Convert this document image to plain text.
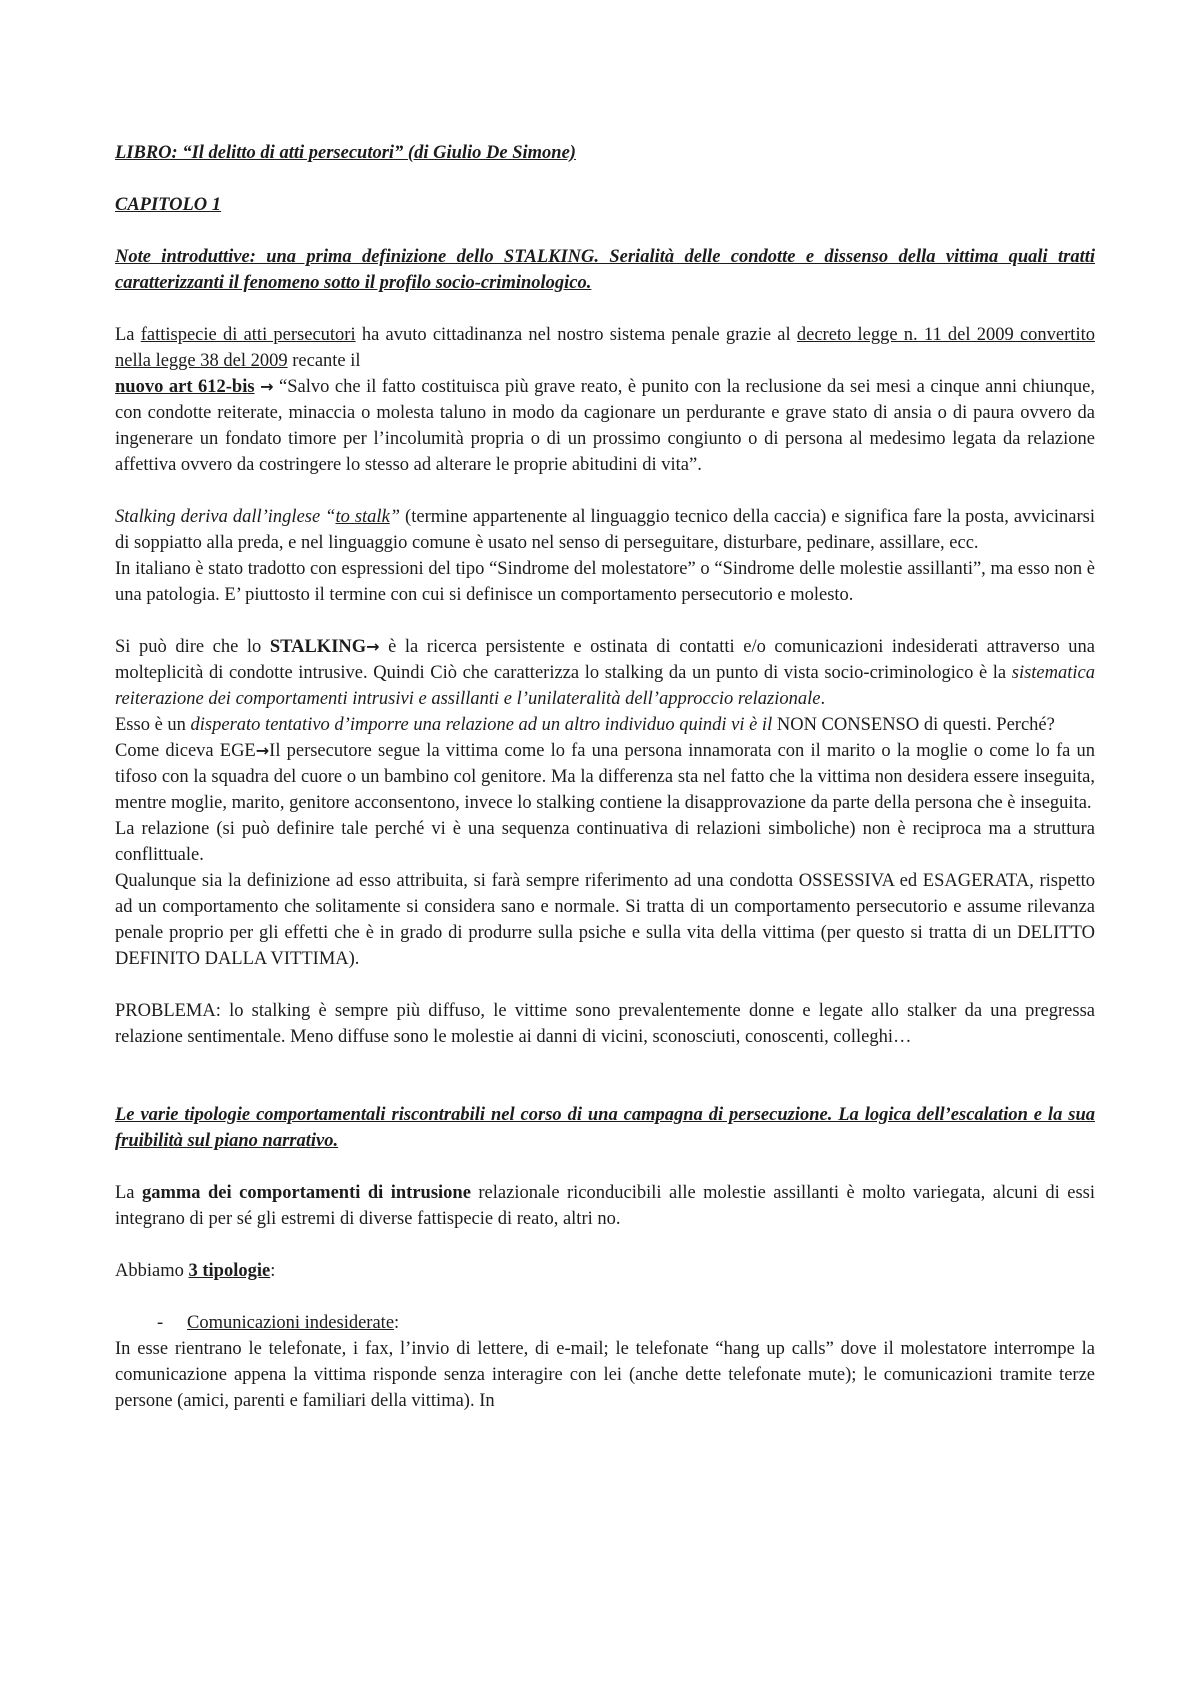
LIBRO: “Il delitto di atti persecutori” (di Giulio De Simone)

CAPITOLO 1

Note introduttive: una prima definizione dello STALKING. Serialità delle condotte e dissenso della vittima quali tratti caratterizzanti il fenomeno sotto il profilo socio-criminologico.

La fattispecie di atti persecutori ha avuto cittadinanza nel nostro sistema penale grazie al decreto legge n. 11 del 2009 convertito nella legge 38 del 2009 recante il
nuovo art 612-bis → “Salvo che il fatto costituisca più grave reato, è punito con la reclusione da sei mesi a cinque anni chiunque, con condotte reiterate, minaccia o molesta taluno in modo da cagionare un perdurante e grave stato di ansia o di paura ovvero da ingenerare un fondato timore per l’incolumità propria o di un prossimo congiunto o di persona al medesimo legata da relazione affettiva ovvero da costringere lo stesso ad alterare le proprie abitudini di vita”.

Stalking deriva dall’inglese “to stalk” (termine appartenente al linguaggio tecnico della caccia) e significa fare la posta, avvicinarsi di soppiatto alla preda, e nel linguaggio comune è usato nel senso di perseguitare, disturbare, pedinare, assillare, ecc.

In italiano è stato tradotto con espressioni del tipo “Sindrome del molestatore” o “Sindrome delle molestie assillanti”, ma esso non è una patologia. E’ piuttosto il termine con cui si definisce un comportamento persecutorio e molesto.

Si può dire che lo STALKING→ è la ricerca persistente e ostinata di contatti e/o comunicazioni indesiderati attraverso una molteplicità di condotte intrusive. Quindi Ciò che caratterizza lo stalking da un punto di vista socio-criminologico è la sistematica reiterazione dei comportamenti intrusivi e assillanti e l’unilateralità dell’approccio relazionale.

Esso è un disperato tentativo d’imporre una relazione ad un altro individuo quindi vi è il NON CONSENSO di questi. Perché?

Come diceva EGE→Il persecutore segue la vittima come lo fa una persona innamorata con il marito o la moglie o come lo fa un tifoso con la squadra del cuore o un bambino col genitore. Ma la differenza sta nel fatto che la vittima non desidera essere inseguita, mentre moglie, marito, genitore acconsentono, invece lo stalking contiene la disapprovazione da parte della persona che è inseguita.

La relazione (si può definire tale perché vi è una sequenza continuativa di relazioni simboliche) non è reciproca ma a struttura conflittuale.

Qualunque sia la definizione ad esso attribuita, si farà sempre riferimento ad una condotta OSSESSIVA ed ESAGERATA, rispetto ad un comportamento che solitamente si considera sano e normale. Si tratta di un comportamento persecutorio e assume rilevanza penale proprio per gli effetti che è in grado di produrre sulla psiche e sulla vita della vittima (per questo si tratta di un DELITTO DEFINITO DALLA VITTIMA).

PROBLEMA: lo stalking è sempre più diffuso, le vittime sono prevalentemente donne e legate allo stalker da una pregressa relazione sentimentale. Meno diffuse sono le molestie ai danni di vicini, sconosciuti, conoscenti, colleghi…

Le varie tipologie comportamentali riscontrabili nel corso di una campagna di persecuzione. La logica dell’escalation e la sua fruibilità sul piano narrativo.

La gamma dei comportamenti di intrusione relazionale riconducibili alle molestie assillanti è molto variegata, alcuni di essi integrano di per sé gli estremi di diverse fattispecie di reato, altri no.

Abbiamo 3 tipologie:

- Comunicazioni indesiderate:

In esse rientrano le telefonate, i fax, l’invio di lettere, di e-mail; le telefonate “hang up calls” dove il molestatore interrompe la comunicazione appena la vittima risponde senza interagire con lei (anche dette telefonate mute); le comunicazioni tramite terze persone (amici, parenti e familiari della vittima). In
